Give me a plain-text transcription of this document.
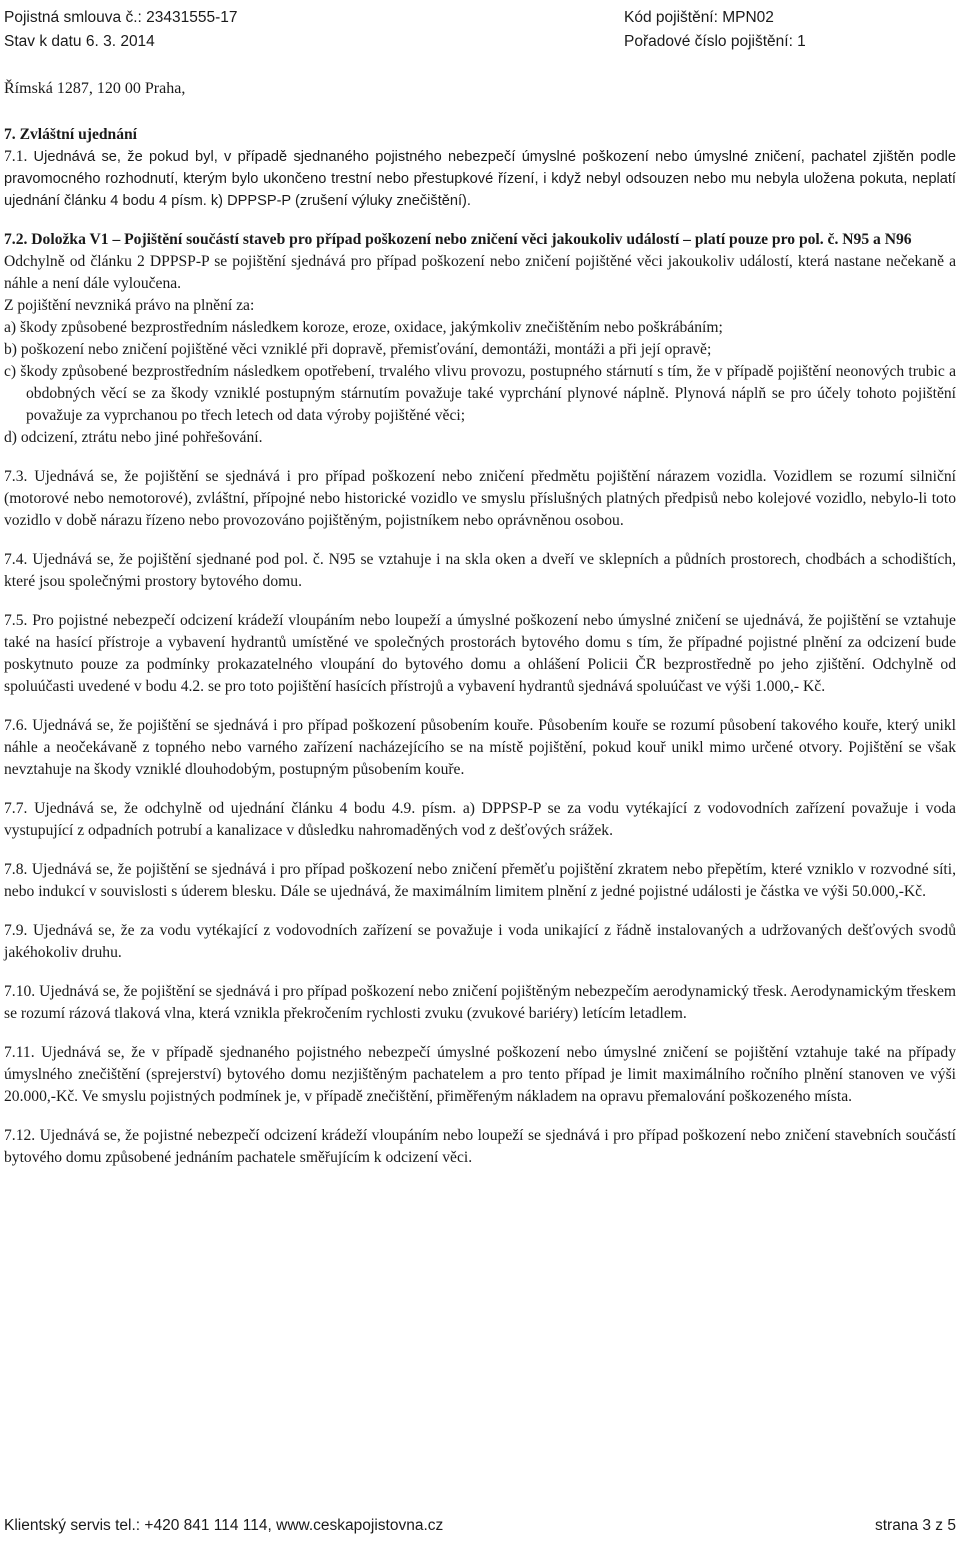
Pojistná smlouva č.: 23431555-17
Stav k datu 6. 3. 2014
Kód pojištění: MPN02
Pořadové číslo pojištění: 1
Římská 1287, 120 00 Praha,
7. Zvláštní ujednání

7.1. Ujednává se, že pokud byl, v případě sjednaného pojistného nebezpečí úmyslné poškození nebo úmyslné zničení, pachatel zjištěn podle pravomocného rozhodnutí, kterým bylo ukončeno trestní nebo přestupkové řízení, i když nebyl odsouzen nebo mu nebyla uložena pokuta, neplatí ujednání článku 4 bodu 4 písm. k) DPPSP-P (zrušení výluky znečištění).

7.2. Doložka V1 – Pojištění součástí staveb pro případ poškození nebo zničení věci jakoukoliv událostí – platí pouze pro pol. č. N95 a N96
Odchylně od článku 2 DPPSP-P se pojištění sjednává pro případ poškození nebo zničení pojištěné věci jakoukoliv událostí, která nastane nečekaně a náhle a není dále vyloučena.
Z pojištění nevzniká právo na plnění za:
a) škody způsobené bezprostředním následkem koroze, eroze, oxidace, jakýmkoliv znečištěním nebo poškrábáním;
b) poškození nebo zničení pojištěné věci vzniklé při dopravě, přemisťování, demontáži, montáži a při její opravě;
c) škody způsobené bezprostředním následkem opotřebení, trvalého vlivu provozu, postupného stárnutí s tím, že v případě pojištění neonových trubic a obdobných věcí se za škody vzniklé postupným stárnutím považuje také vyprchání plynové náplně. Plynová náplň se pro účely tohoto pojištění považuje za vyprchanou po třech letech od data výroby pojištěné věci;
d) odcizení, ztrátu nebo jiné pohřešování.

7.3. Ujednává se, že pojištění se sjednává i pro případ poškození nebo zničení předmětu pojištění nárazem vozidla. Vozidlem se rozumí silniční (motorové nebo nemotorové), zvláštní, přípojné nebo historické vozidlo ve smyslu příslušných platných předpisů nebo kolejové vozidlo, nebylo-li toto vozidlo v době nárazu řízeno nebo provozováno pojištěným, pojistníkem nebo oprávněnou osobou.

7.4. Ujednává se, že pojištění sjednané pod pol. č. N95 se vztahuje i na skla oken a dveří ve sklepních a půdních prostorech, chodbách a schodištích, které jsou společnými prostory bytového domu.

7.5. Pro pojistné nebezpečí odcizení krádeží vloupáním nebo loupeží a úmyslné poškození nebo úmyslné zničení se ujednává, že pojištění se vztahuje také na hasící přístroje a vybavení hydrantů umístěné ve společných prostorách bytového domu s tím, že případné pojistné plnění za odcizení bude poskytnuto pouze za podmínky prokazatelného vloupání do bytového domu a ohlášení Policii ČR bezprostředně po jeho zjištění. Odchylně od spoluúčasti uvedené v bodu 4.2. se pro toto pojištění hasících přístrojů a vybavení hydrantů sjednává spoluúčast ve výši 1.000,- Kč.

7.6. Ujednává se, že pojištění se sjednává i pro případ poškození působením kouře. Působením kouře se rozumí působení takového kouře, který unikl náhle a neočekávaně z topného nebo varného zařízení nacházejícího se na místě pojištění, pokud kouř unikl mimo určené otvory. Pojištění se však nevztahuje na škody vzniklé dlouhodobým, postupným působením kouře.

7.7. Ujednává se, že odchylně od ujednání článku 4 bodu 4.9. písm. a) DPPSP-P se za vodu vytékající z vodovodních zařízení považuje i voda vystupující z odpadních potrubí a kanalizace v důsledku nahromaděných vod z dešťových srážek.

7.8. Ujednává se, že pojištění se sjednává i pro případ poškození nebo zničení přeměťu pojištění zkratem nebo přepětím, které vzniklo v rozvodné síti, nebo indukcí v souvislosti s úderem blesku. Dále se ujednává, že maximálním limitem plnění z jedné pojistné události je částka ve výši 50.000,-Kč.

7.9. Ujednává se, že za vodu vytékající z vodovodních zařízení se považuje i voda unikající z řádně instalovaných a udržovaných dešťových svodů jakéhokoliv druhu.

7.10. Ujednává se, že pojištění se sjednává i pro případ poškození nebo zničení pojištěným nebezpečím aerodynamický třesk. Aerodynamickým třeskem se rozumí rázová tlaková vlna, která vznikla překročením rychlosti zvuku (zvukové bariéry) letícím letadlem.

7.11. Ujednává se, že v případě sjednaného pojistného nebezpečí úmyslné poškození nebo úmyslné zničení se pojištění vztahuje také na případy úmyslného znečištění (sprejerství) bytového domu nezjištěným pachatelem a pro tento případ je limit maximálního ročního plnění stanoven ve výši 20.000,-Kč. Ve smyslu pojistných podmínek je, v případě znečištění, přiměřeným nákladem na opravu přemalování poškozeného místa.

7.12. Ujednává se, že pojistné nebezpečí odcizení krádeží vloupáním nebo loupeží se sjednává i pro případ poškození nebo zničení stavebních součástí bytového domu způsobené jednáním pachatele směřujícím k odcizení věci.

Klientský servis tel.: +420 841 114 114, www.ceskapojistovna.cz	strana 3 z 5
